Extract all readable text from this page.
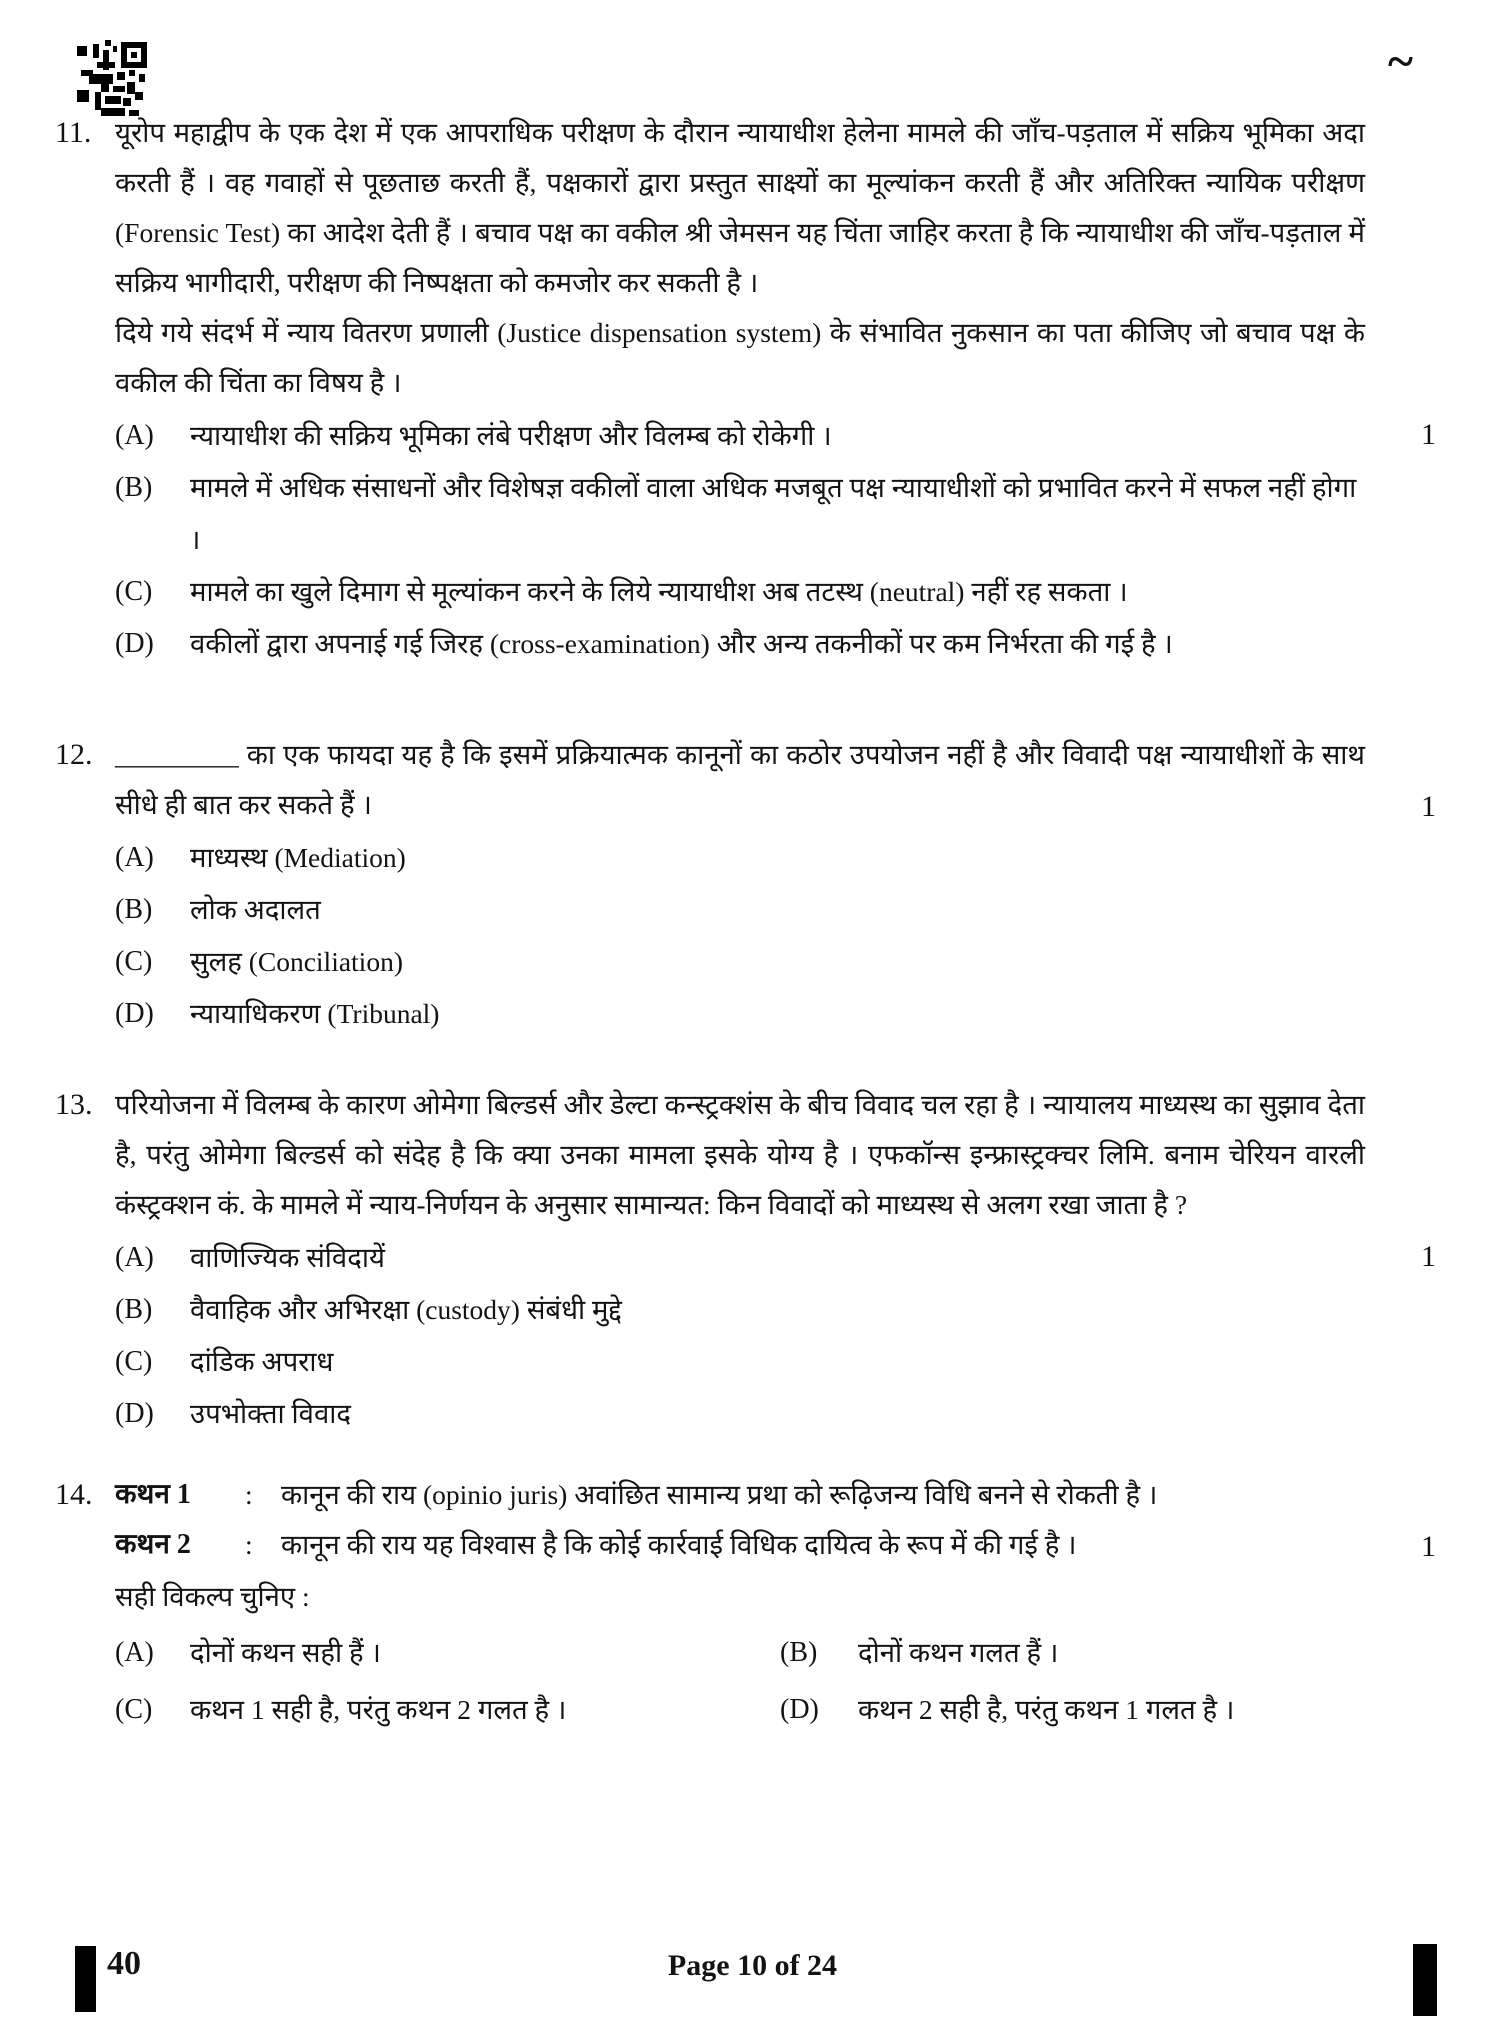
~
11. यूरोप महाद्वीप के एक देश में एक आपराधिक परीक्षण के दौरान न्यायाधीश हेलेना मामले की जाँच-पड़ताल में सक्रिय भूमिका अदा करती हैं । वह गवाहों से पूछताछ करती हैं, पक्षकारों द्वारा प्रस्तुत साक्ष्यों का मूल्यांकन करती हैं और अतिरिक्त न्यायिक परीक्षण (Forensic Test) का आदेश देती हैं । बचाव पक्ष का वकील श्री जेमसन यह चिंता जाहिर करता है कि न्यायाधीश की जाँच-पड़ताल में सक्रिय भागीदारी, परीक्षण की निष्पक्षता को कमजोर कर सकती है ।

दिये गये संदर्भ में न्याय वितरण प्रणाली (Justice dispensation system) के संभावित नुकसान का पता कीजिए जो बचाव पक्ष के वकील की चिंता का विषय है ।

(A)	न्यायाधीश की सक्रिय भूमिका लंबे परीक्षण और विलम्ब को रोकेगी ।
(B)	मामले में अधिक संसाधनों और विशेषज्ञ वकीलों वाला अधिक मजबूत पक्ष न्यायाधीशों को प्रभावित करने में सफल नहीं होगा ।
(C)	मामले का खुले दिमाग से मूल्यांकन करने के लिये न्यायाधीश अब तटस्थ (neutral) नहीं रह सकता ।
(D)	वकीलों द्वारा अपनाई गई जिरह (cross-examination) और अन्य तकनीकों पर कम निर्भरता की गई है ।
1
12. _________ का एक फायदा यह है कि इसमें प्रक्रियात्मक कानूनों का कठोर उपयोजन नहीं है और विवादी पक्ष न्यायाधीशों के साथ सीधे ही बात कर सकते हैं ।

(A)	माध्यस्थ (Mediation)
(B)	लोक अदालत
(C)	सुलह (Conciliation)
(D)	न्यायाधिकरण (Tribunal)
1
13. परियोजना में विलम्ब के कारण ओमेगा बिल्डर्स और डेल्टा कन्स्ट्रक्शंस के बीच विवाद चल रहा है । न्यायालय माध्यस्थ का सुझाव देता है, परंतु ओमेगा बिल्डर्स को संदेह है कि क्या उनका मामला इसके योग्य है । एफकॉन्स इन्फ्रास्ट्रक्चर लिमि. बनाम चेरियन वारली कंस्ट्रक्शन कं. के मामले में न्याय-निर्णयन के अनुसार सामान्यत: किन विवादों को माध्यस्थ से अलग रखा जाता है ?

(A)	वाणिज्यिक संविदायें
(B)	वैवाहिक और अभिरक्षा (custody) संबंधी मुद्दे
(C)	दांडिक अपराध
(D)	उपभोक्ता विवाद
1
14. कथन 1	:	कानून की राय (opinio juris) अवांछित सामान्य प्रथा को रूढ़िजन्य विधि बनने से रोकती है ।
कथन 2	:	कानून की राय यह विश्वास है कि कोई कार्रवाई विधिक दायित्व के रूप में की गई है ।

सही विकल्प चुनिए :

(A)	दोनों कथन सही हैं ।	(B)	दोनों कथन गलत हैं ।
(C)	कथन 1 सही है, परंतु कथन 2 गलत है ।	(D)	कथन 2 सही है, परंतु कथन 1 गलत है ।
1
40	Page 10 of 24
